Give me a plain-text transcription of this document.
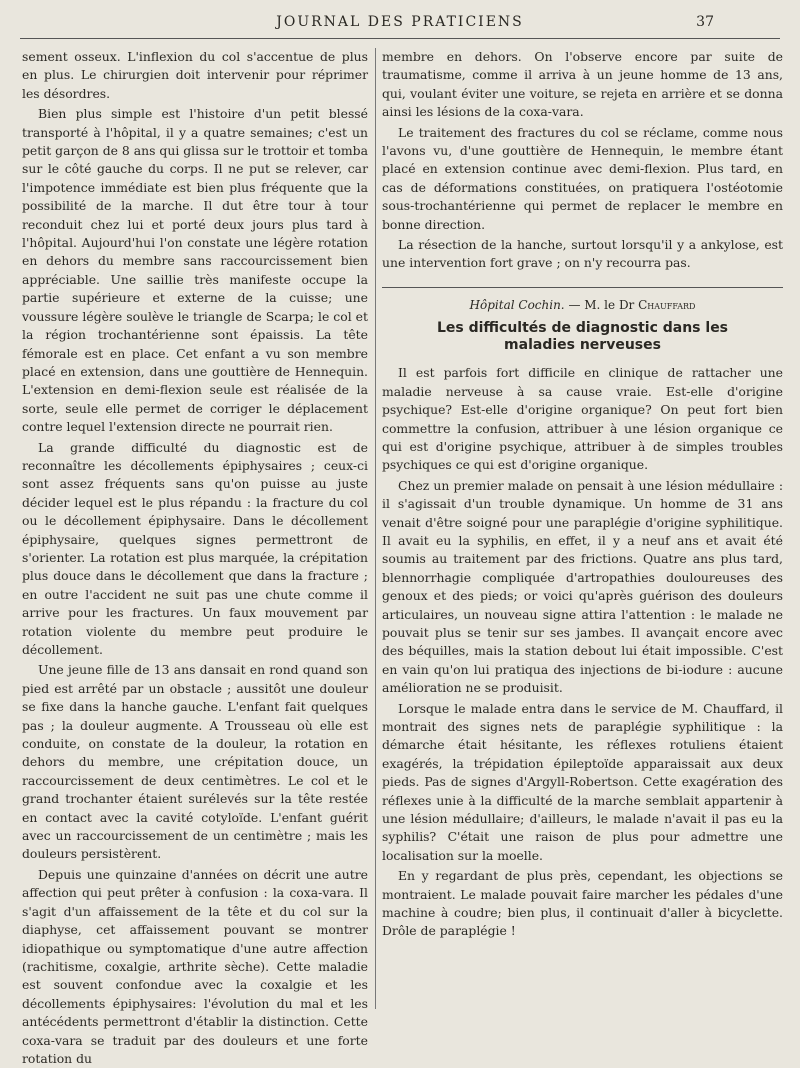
JOURNAL DES PRATICIENS	37

sement osseux. L'inflexion du col s'accentue de plus en plus. Le chirurgien doit intervenir pour réprimer les désordres.

Bien plus simple est l'histoire d'un petit blessé transporté à l'hôpital, il y a quatre semaines; c'est un petit garçon de 8 ans qui glissa sur le trottoir et tomba sur le côté gauche du corps. Il ne put se relever, car l'impotence immédiate est bien plus fréquente que la possibilité de la marche. Il dut être tour à tour reconduit chez lui et porté deux jours plus tard à l'hôpital. Aujourd'hui l'on constate une légère rotation en dehors du membre sans raccourcissement bien appréciable. Une saillie très manifeste occupe la partie supérieure et externe de la cuisse; une voussure légère soulève le triangle de Scarpa; le col et la région trochantérienne sont épaissis. La tête fémorale est en place. Cet enfant a vu son membre placé en extension, dans une gouttière de Hennequin. L'extension en demi-flexion seule est réalisée de la sorte, seule elle permet de corriger le déplacement contre lequel l'extension directe ne pourrait rien.

La grande difficulté du diagnostic est de reconnaître les décollements épiphysaires ; ceux-ci sont assez fréquents sans qu'on puisse au juste décider lequel est le plus répandu : la fracture du col ou le décollement épiphysaire. Dans le décollement épiphysaire, quelques signes permettront de s'orienter. La rotation est plus marquée, la crépitation plus douce dans le décollement que dans la fracture ; en outre l'accident ne suit pas une chute comme il arrive pour les fractures. Un faux mouvement par rotation violente du membre peut produire le décollement.

Une jeune fille de 13 ans dansait en rond quand son pied est arrêté par un obstacle ; aussitôt une douleur se fixe dans la hanche gauche. L'enfant fait quelques pas ; la douleur augmente. A Trousseau où elle est conduite, on constate de la douleur, la rotation en dehors du membre, une crépitation douce, un raccourcissement de deux centimètres. Le col et le grand trochanter étaient surélevés sur la tête restée en contact avec la cavité cotyloïde. L'enfant guérit avec un raccourcissement de un centimètre ; mais les douleurs persistèrent.

Depuis une quinzaine d'années on décrit une autre affection qui peut prêter à confusion : la coxa-vara. Il s'agit d'un affaissement de la tête et du col sur la diaphyse, cet affaissement pouvant se montrer idiopathique ou symptomatique d'une autre affection (rachitisme, coxalgie, arthrite sèche). Cette maladie est souvent confondue avec la coxalgie et les décollements épiphysaires: l'évolution du mal et les antécédents permettront d'établir la distinction. Cette coxa-vara se traduit par des douleurs et une forte rotation du

membre en dehors. On l'observe encore par suite de traumatisme, comme il arriva à un jeune homme de 13 ans, qui, voulant éviter une voiture, se rejeta en arrière et se donna ainsi les lésions de la coxa-vara.

Le traitement des fractures du col se réclame, comme nous l'avons vu, d'une gouttière de Hennequin, le membre étant placé en extension continue avec demi-flexion. Plus tard, en cas de déformations constituées, on pratiquera l'ostéotomie sous-trochantérienne qui permet de replacer le membre en bonne direction.

La résection de la hanche, surtout lorsqu'il y a ankylose, est une intervention fort grave ; on n'y recourra pas.

Hôpital Cochin. — M. le Dr Chauffard
Les difficultés de diagnostic dans les
maladies nerveuses

Il est parfois fort difficile en clinique de rattacher une maladie nerveuse à sa cause vraie. Est-elle d'origine psychique? Est-elle d'origine organique? On peut fort bien commettre la confusion, attribuer à une lésion organique ce qui est d'origine psychique, attribuer à de simples troubles psychiques ce qui est d'origine organique.

Chez un premier malade on pensait à une lésion médullaire : il s'agissait d'un trouble dynamique. Un homme de 31 ans venait d'être soigné pour une paraplégie d'origine syphilitique. Il avait eu la syphilis, en effet, il y a neuf ans et avait été soumis au traitement par des frictions. Quatre ans plus tard, blennorrhagie compliquée d'artropathies douloureuses des genoux et des pieds; or voici qu'après guérison des douleurs articulaires, un nouveau signe attira l'attention : le malade ne pouvait plus se tenir sur ses jambes. Il avançait encore avec des béquilles, mais la station debout lui était impossible. C'est en vain qu'on lui pratiqua des injections de bi-iodure : aucune amélioration ne se produisit.

Lorsque le malade entra dans le service de M. Chauffard, il montrait des signes nets de paraplégie syphilitique : la démarche était hésitante, les réflexes rotuliens étaient exagérés, la trépidation épileptoïde apparaissait aux deux pieds. Pas de signes d'Argyll-Robertson. Cette exagération des réflexes unie à la difficulté de la marche semblait appartenir à une lésion médullaire; d'ailleurs, le malade n'avait il pas eu la syphilis? C'était une raison de plus pour admettre une localisation sur la moelle.

En y regardant de plus près, cependant, les objections se montraient. Le malade pouvait faire marcher les pédales d'une machine à coudre; bien plus, il continuait d'aller à bicyclette. Drôle de paraplégie !
